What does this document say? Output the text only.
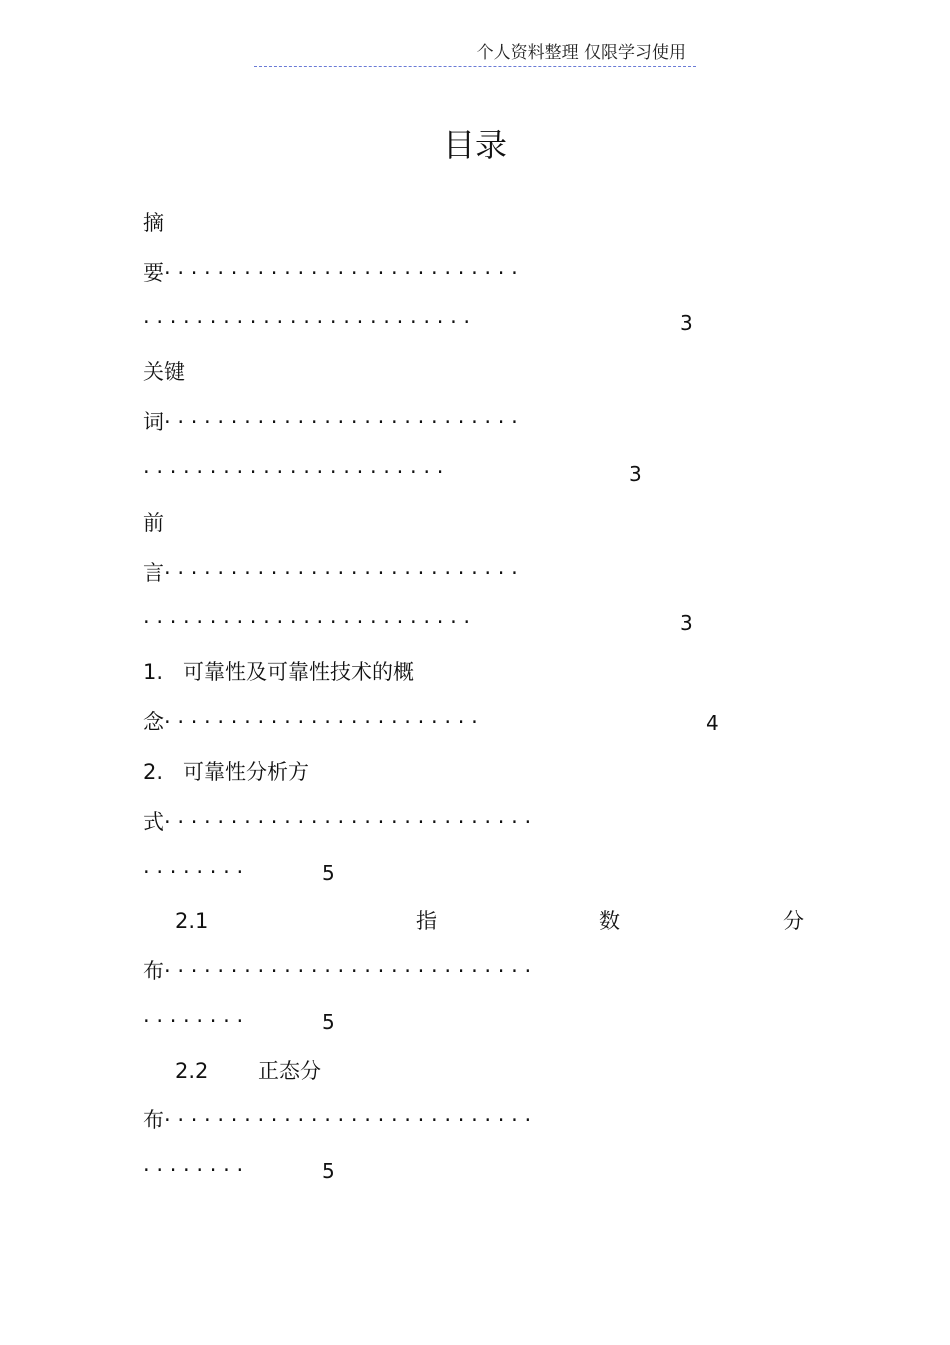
个人资料整理 仅限学习使用
目录
摘
要· · · · · · · · · · · · · · · · · · · · · · · · · · ·
· · · · · · · · · · · · · · · · · · · · · · · · ·	3
关键
词· · · · · · · · · · · · · · · · · · · · · · · · · · ·
· · · · · · · · · · · · · · · · · · · · · · ·	3
前
言· · · · · · · · · · · · · · · · · · · · · · · · · · ·
· · · · · · · · · · · · · · · · · · · · · · · · ·	3
1.   可靠性及可靠性技术的概
念· · · · · · · · · · · · · · · · · · · · · · · ·	4
2.   可靠性分析方
式· · · · · · · · · · · · · · · · · · · · · · · · · · · ·
· · · · · · · ·	5
2.1	指	数	分
布· · · · · · · · · · · · · · · · · · · · · · · · · · · ·
· · · · · · · ·	5
2.2 正态分
布· · · · · · · · · · · · · · · · · · · · · · · · · · · ·
· · · · · · · ·	5
